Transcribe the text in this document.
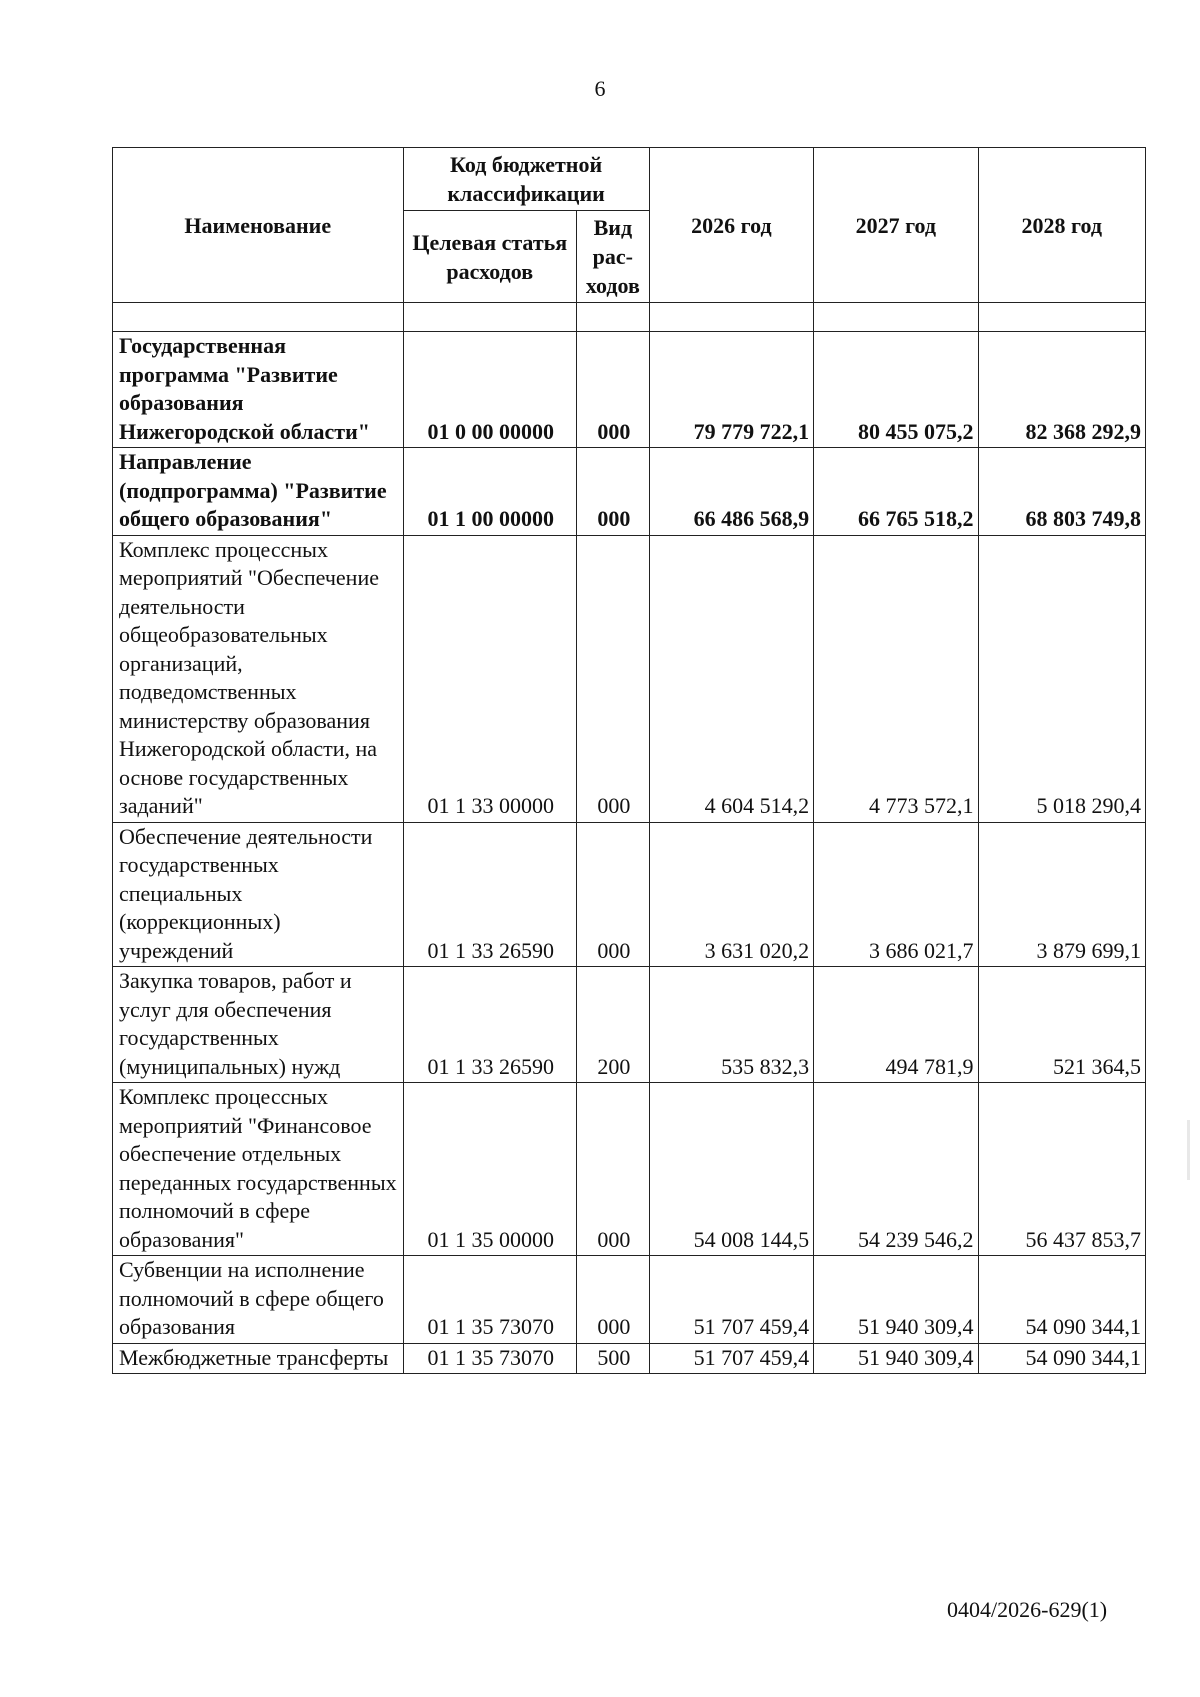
6
Наименование	Код бюджетной классификации		2026 год	2027 год	2028 год
	Целевая статья расходов	Вид рас-ходов			

Государственная программа "Развитие образования Нижегородской области"	01 0 00 00000	000	79 779 722,1	80 455 075,2	82 368 292,9
Направление (подпрограмма) "Развитие общего образования"	01 1 00 00000	000	66 486 568,9	66 765 518,2	68 803 749,8
Комплекс процессных мероприятий "Обеспечение деятельности общеобразовательных организаций, подведомственных министерству образования Нижегородской области, на основе государственных заданий"	01 1 33 00000	000	4 604 514,2	4 773 572,1	5 018 290,4
Обеспечение деятельности государственных специальных (коррекционных) учреждений	01 1 33 26590	000	3 631 020,2	3 686 021,7	3 879 699,1
Закупка товаров, работ и услуг для обеспечения государственных (муниципальных) нужд	01 1 33 26590	200	535 832,3	494 781,9	521 364,5
Комплекс процессных мероприятий "Финансовое обеспечение отдельных переданных государственных полномочий в сфере образования"	01 1 35 00000	000	54 008 144,5	54 239 546,2	56 437 853,7
Субвенции на исполнение полномочий в сфере общего образования	01 1 35 73070	000	51 707 459,4	51 940 309,4	54 090 344,1
Межбюджетные трансферты	01 1 35 73070	500	51 707 459,4	51 940 309,4	54 090 344,1
0404/2026-629(1)
